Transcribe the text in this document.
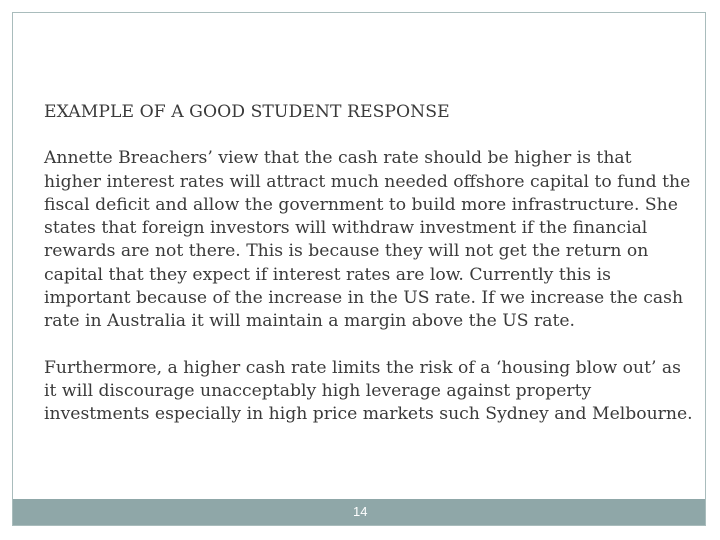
EXAMPLE OF A GOOD STUDENT RESPONSE

Annette Breachers’ view that the cash rate should be higher is that higher interest rates will attract much needed offshore capital to fund the fiscal deficit and allow the government to build more infrastructure. She states that foreign investors will withdraw investment if the financial rewards are not there. This is because they will not get the return on capital that they expect if interest rates are low. Currently this is important because of the increase in the US rate. If we increase the cash rate in Australia it will maintain a margin above the US rate.

Furthermore, a higher cash rate limits the risk of a ‘housing blow out’ as it will discourage unacceptably high leverage against property investments especially in high price markets such Sydney and Melbourne.

14
